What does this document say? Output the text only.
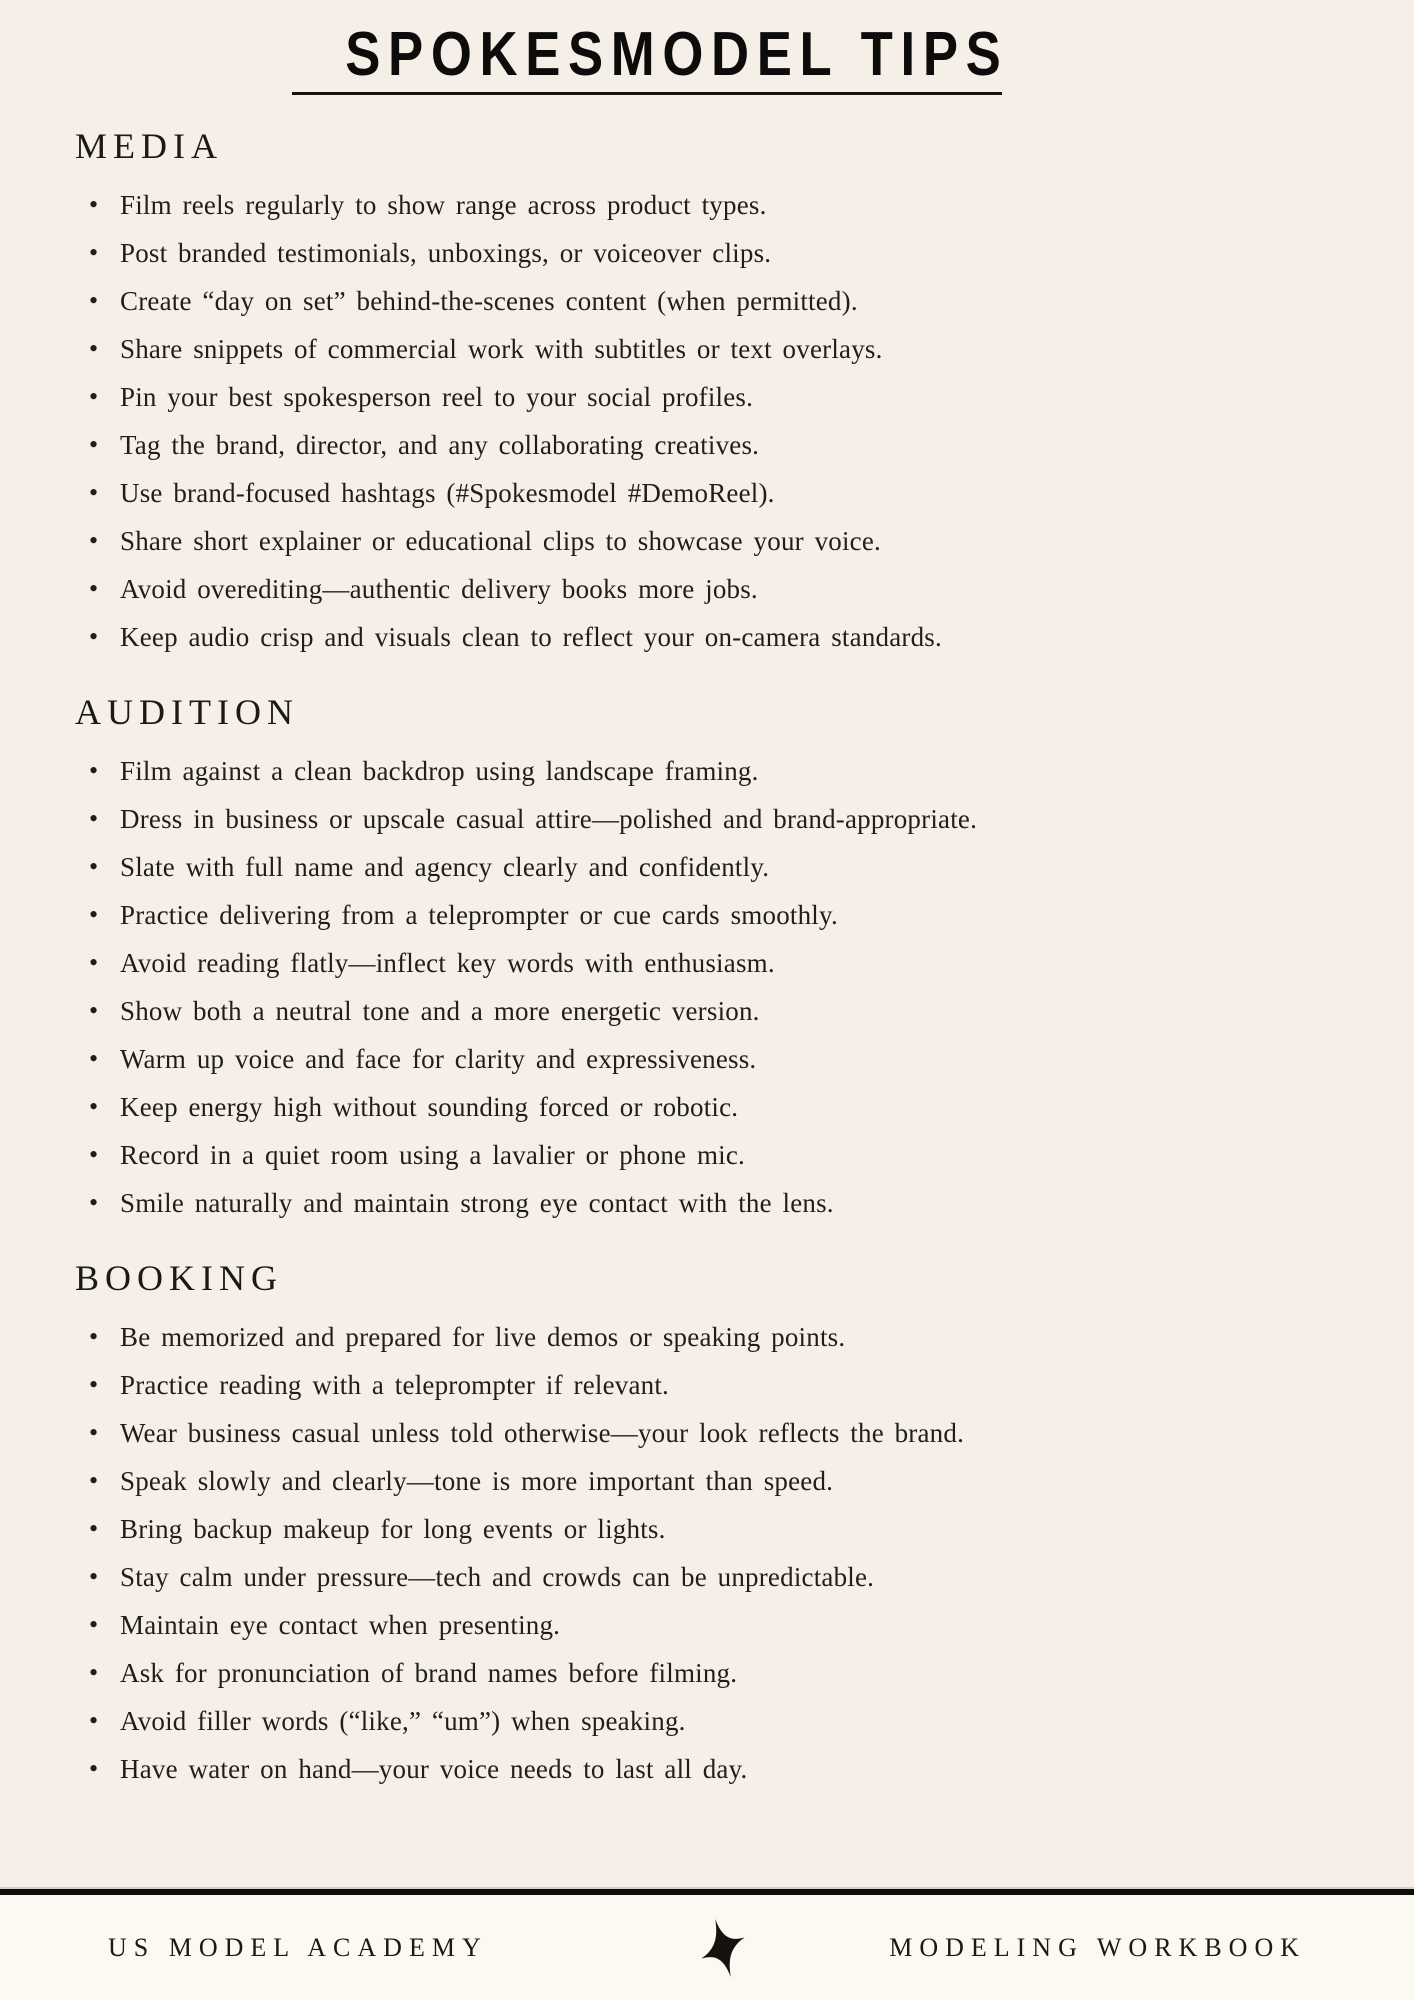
SPOKESMODEL TIPS
MEDIA
• Film reels regularly to show range across product types.
• Post branded testimonials, unboxings, or voiceover clips.
• Create “day on set” behind-the-scenes content (when permitted).
• Share snippets of commercial work with subtitles or text overlays.
• Pin your best spokesperson reel to your social profiles.
• Tag the brand, director, and any collaborating creatives.
• Use brand-focused hashtags (#Spokesmodel #DemoReel).
• Share short explainer or educational clips to showcase your voice.
• Avoid overediting—authentic delivery books more jobs.
• Keep audio crisp and visuals clean to reflect your on-camera standards.
AUDITION
• Film against a clean backdrop using landscape framing.
• Dress in business or upscale casual attire—polished and brand-appropriate.
• Slate with full name and agency clearly and confidently.
• Practice delivering from a teleprompter or cue cards smoothly.
• Avoid reading flatly—inflect key words with enthusiasm.
• Show both a neutral tone and a more energetic version.
• Warm up voice and face for clarity and expressiveness.
• Keep energy high without sounding forced or robotic.
• Record in a quiet room using a lavalier or phone mic.
• Smile naturally and maintain strong eye contact with the lens.
BOOKING
• Be memorized and prepared for live demos or speaking points.
• Practice reading with a teleprompter if relevant.
• Wear business casual unless told otherwise—your look reflects the brand.
• Speak slowly and clearly—tone is more important than speed.
• Bring backup makeup for long events or lights.
• Stay calm under pressure—tech and crowds can be unpredictable.
• Maintain eye contact when presenting.
• Ask for pronunciation of brand names before filming.
• Avoid filler words (“like,” “um”) when speaking.
• Have water on hand—your voice needs to last all day.
US MODEL ACADEMY	MODELING WORKBOOK
